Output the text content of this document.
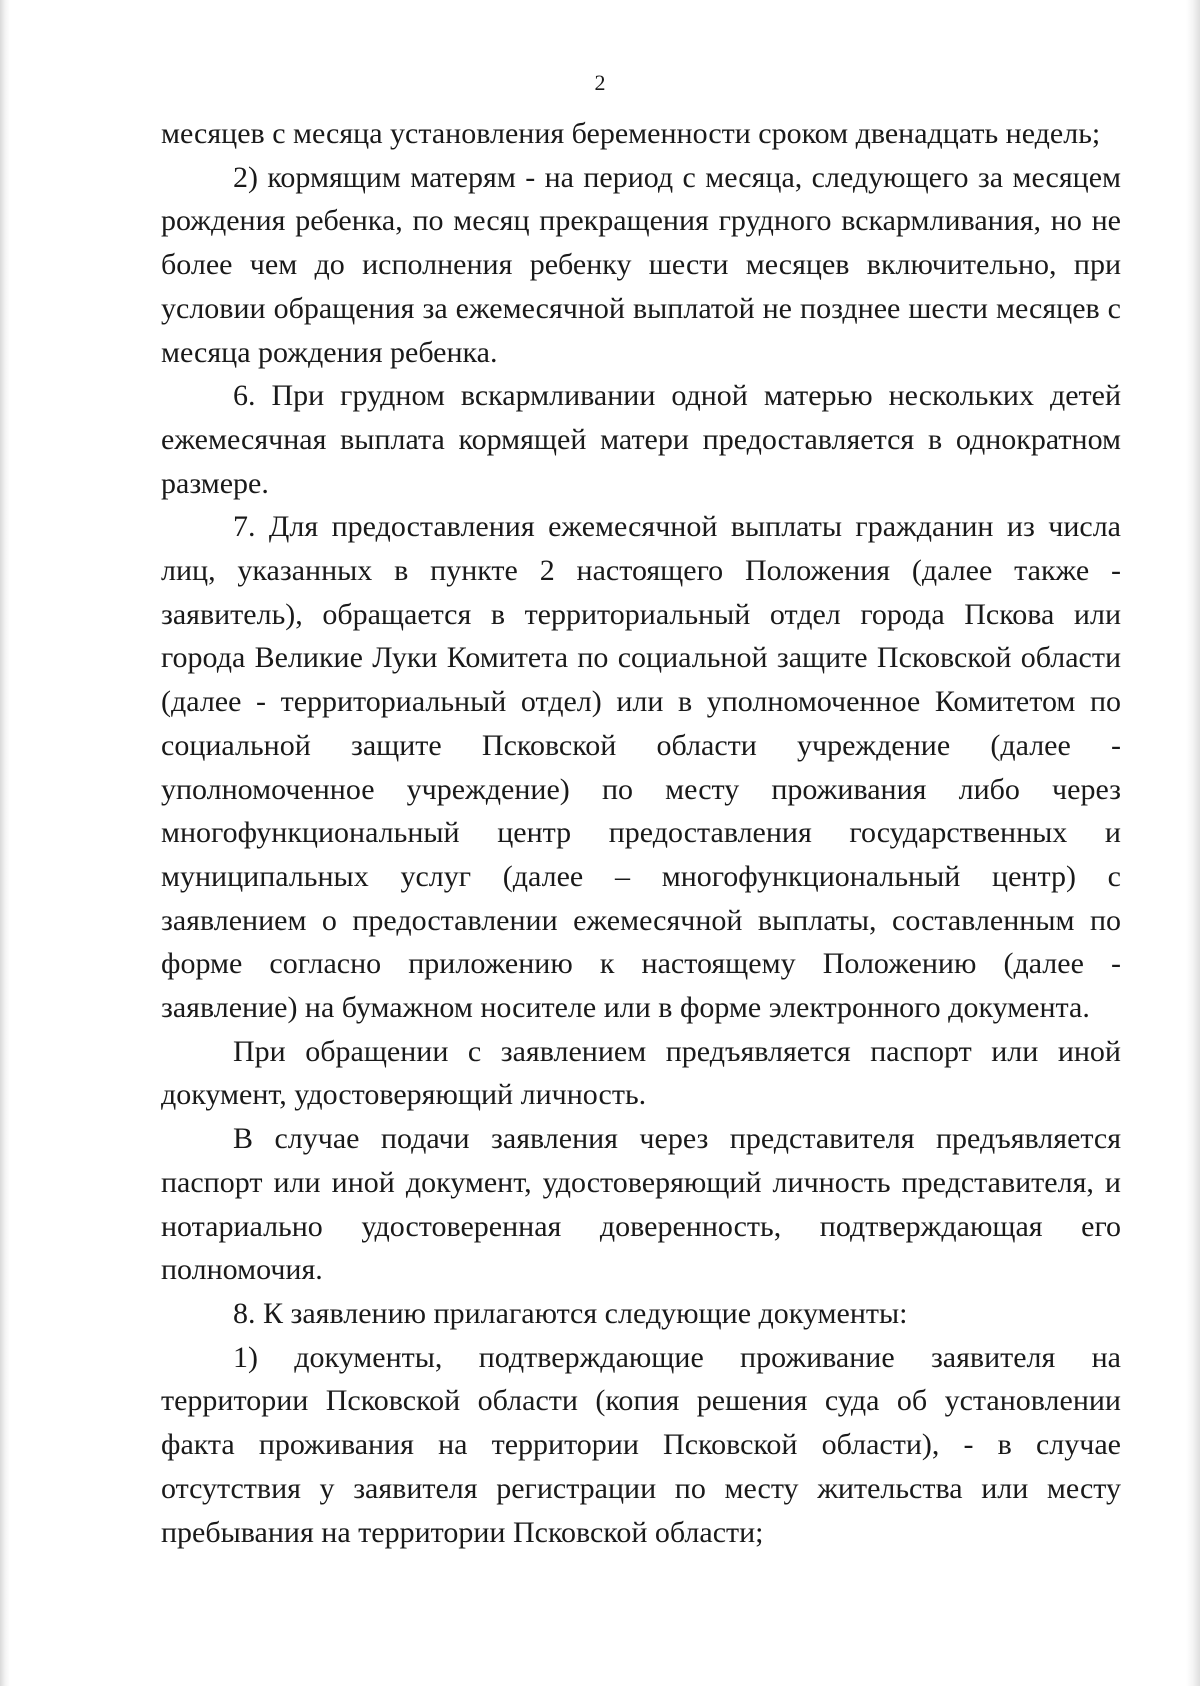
2

месяцев с месяца установления беременности сроком двенадцать недель;

2) кормящим матерям - на период с месяца, следующего за месяцем рождения ребенка, по месяц прекращения грудного вскармливания, но не более чем до исполнения ребенку шести месяцев включительно, при условии обращения за ежемесячной выплатой не позднее шести месяцев с месяца рождения ребенка.

6. При грудном вскармливании одной матерью нескольких детей ежемесячная выплата кормящей матери предоставляется в однократном размере.

7. Для предоставления ежемесячной выплаты гражданин из числа лиц, указанных в пункте 2 настоящего Положения (далее также - заявитель), обращается в территориальный отдел города Пскова или города Великие Луки Комитета по социальной защите Псковской области (далее - территориальный отдел) или в уполномоченное Комитетом по социальной защите Псковской области учреждение (далее - уполномоченное учреждение) по месту проживания либо через многофункциональный центр предоставления государственных и муниципальных услуг (далее – многофункциональный центр) с заявлением о предоставлении ежемесячной выплаты, составленным по форме согласно приложению к настоящему Положению (далее - заявление) на бумажном носителе или в форме электронного документа.

При обращении с заявлением предъявляется паспорт или иной документ, удостоверяющий личность.

В случае подачи заявления через представителя предъявляется паспорт или иной документ, удостоверяющий личность представителя, и нотариально удостоверенная доверенность, подтверждающая его полномочия.

8. К заявлению прилагаются следующие документы:

1) документы, подтверждающие проживание заявителя на территории Псковской области (копия решения суда об установлении факта проживания на территории Псковской области), - в случае отсутствия у заявителя регистрации по месту жительства или месту пребывания на территории Псковской области;
